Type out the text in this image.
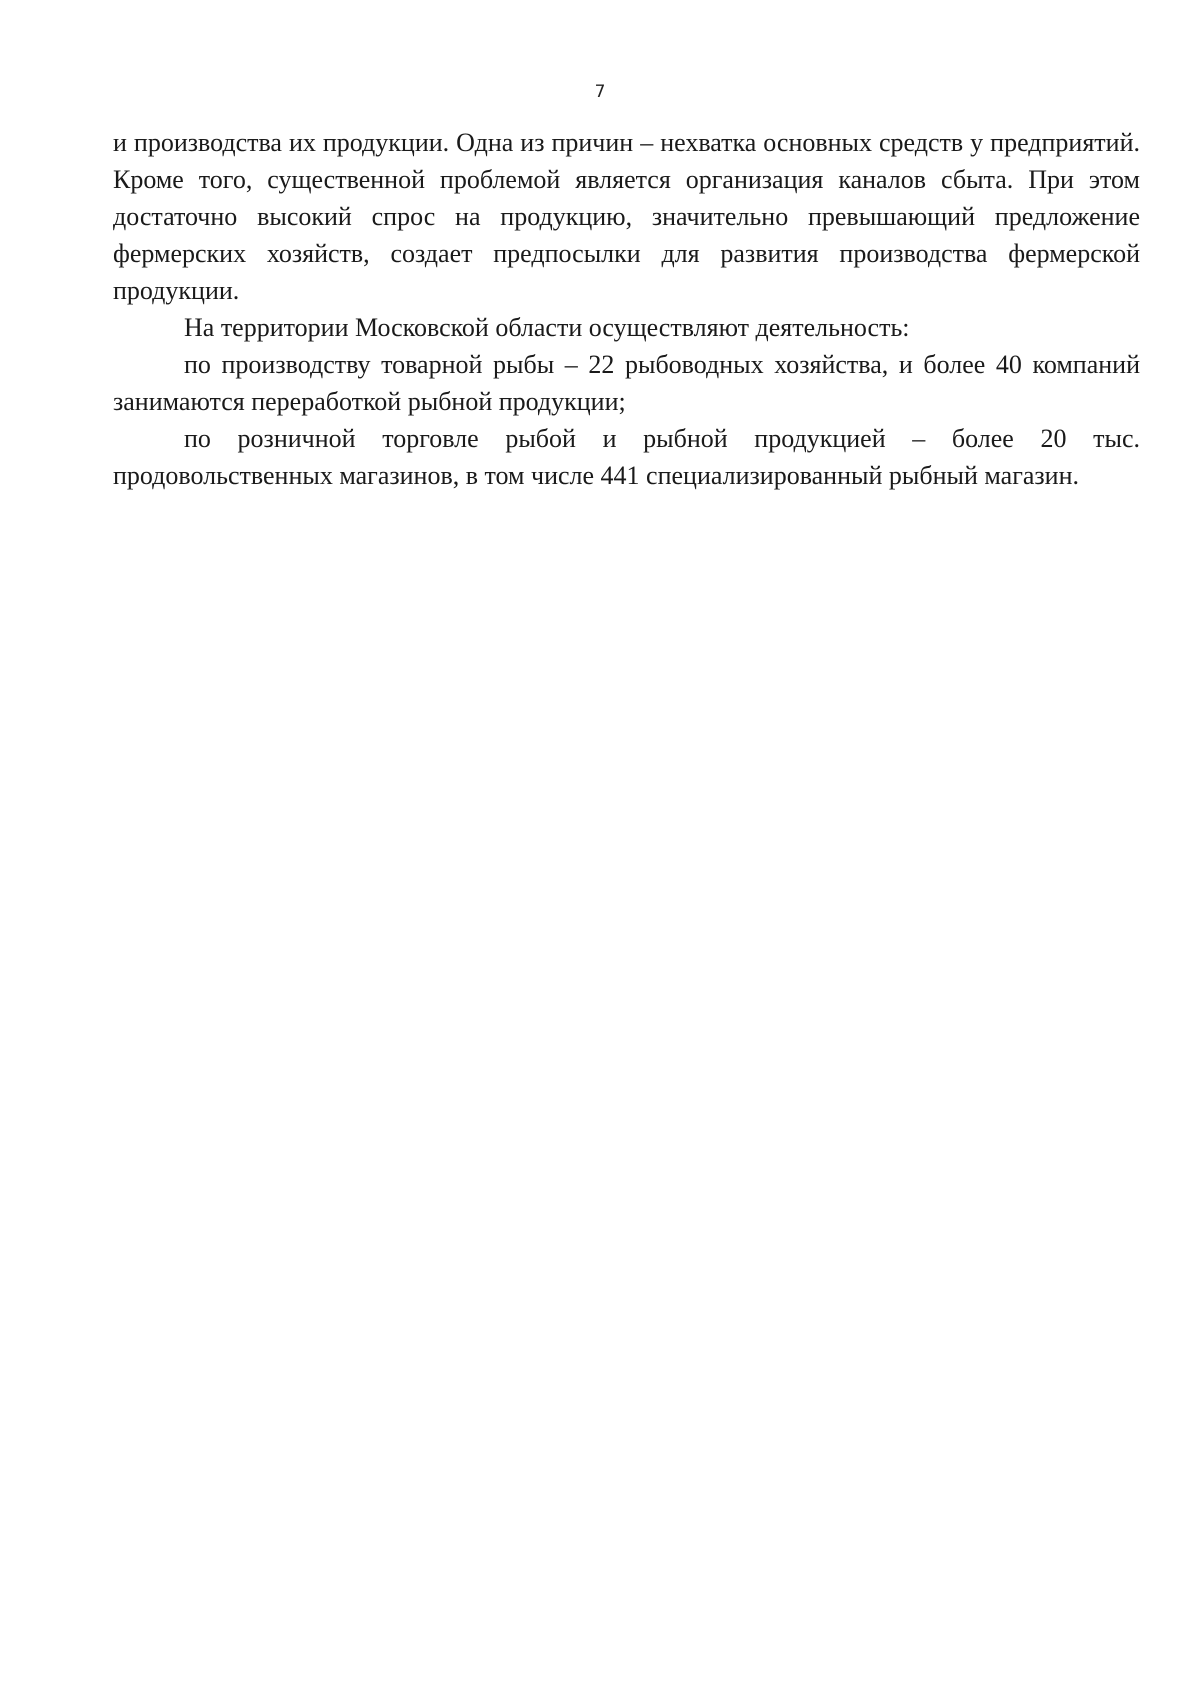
7

и производства их продукции. Одна из причин – нехватка основных средств у предприятий. Кроме того, существенной проблемой является организация каналов сбыта. При этом достаточно высокий спрос на продукцию, значительно превышающий предложение фермерских хозяйств, создает предпосылки для развития производства фермерской продукции.

На территории Московской области осуществляют деятельность:

по производству товарной рыбы – 22 рыбоводных хозяйства, и более 40 компаний занимаются переработкой рыбной продукции;

по розничной торговле рыбой и рыбной продукцией – более 20 тыс. продовольственных магазинов, в том числе 441 специализированный рыбный магазин.
